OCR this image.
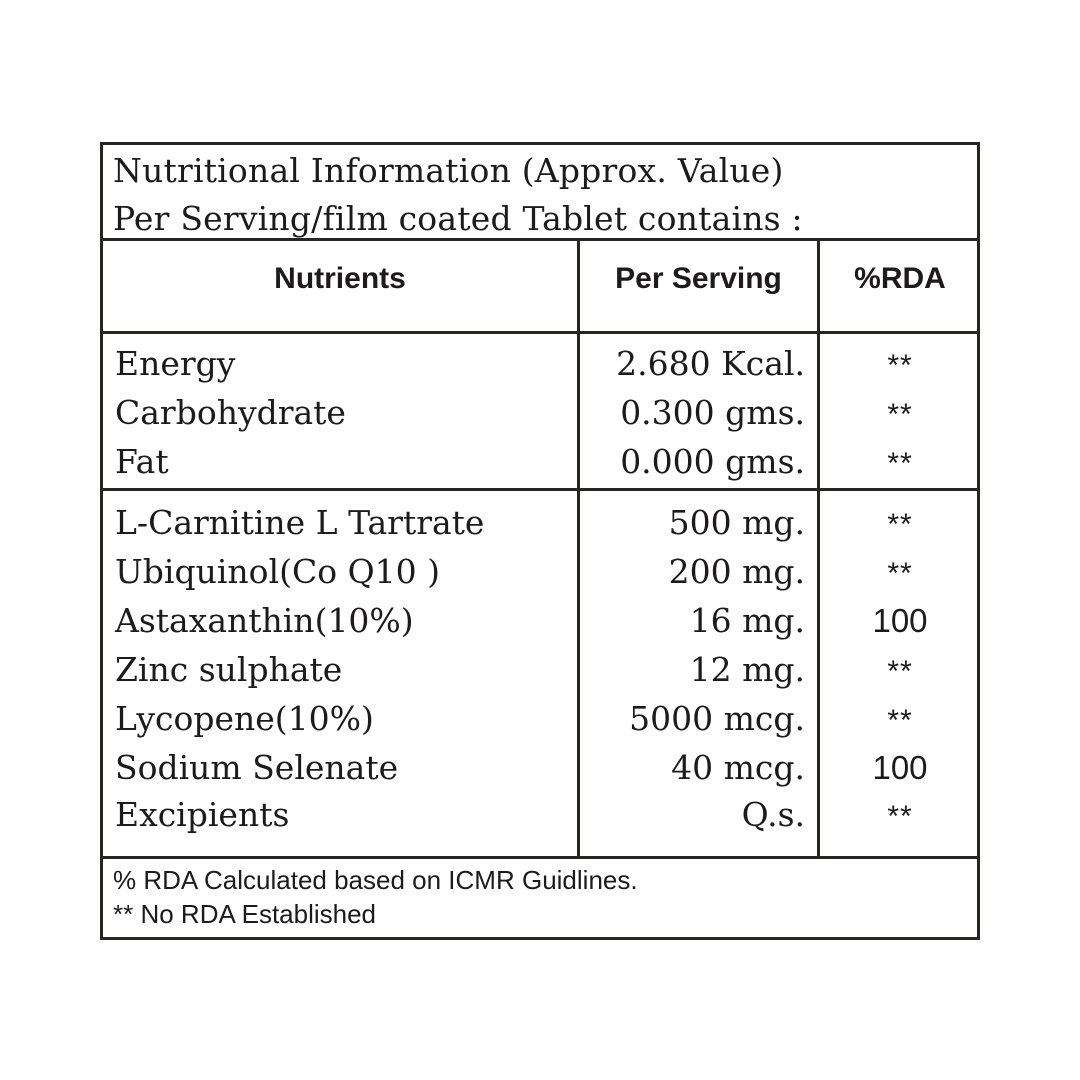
Nutritional Information (Approx. Value)
Per Serving/film coated Tablet contains :
Nutrients	Per Serving	%RDA
Energy	2.680 Kcal.	**
Carbohydrate	0.300 gms.	**
Fat	0.000 gms.	**
L-Carnitine L Tartrate	500 mg.	**
Ubiquinol(Co Q10 )	200 mg.	**
Astaxanthin(10%)	16 mg.	100
Zinc sulphate	12 mg.	**
Lycopene(10%)	5000 mcg.	**
Sodium Selenate	40 mcg.	100
Excipients	Q.s.	**
% RDA Calculated based on ICMR Guidlines.
** No RDA Established
